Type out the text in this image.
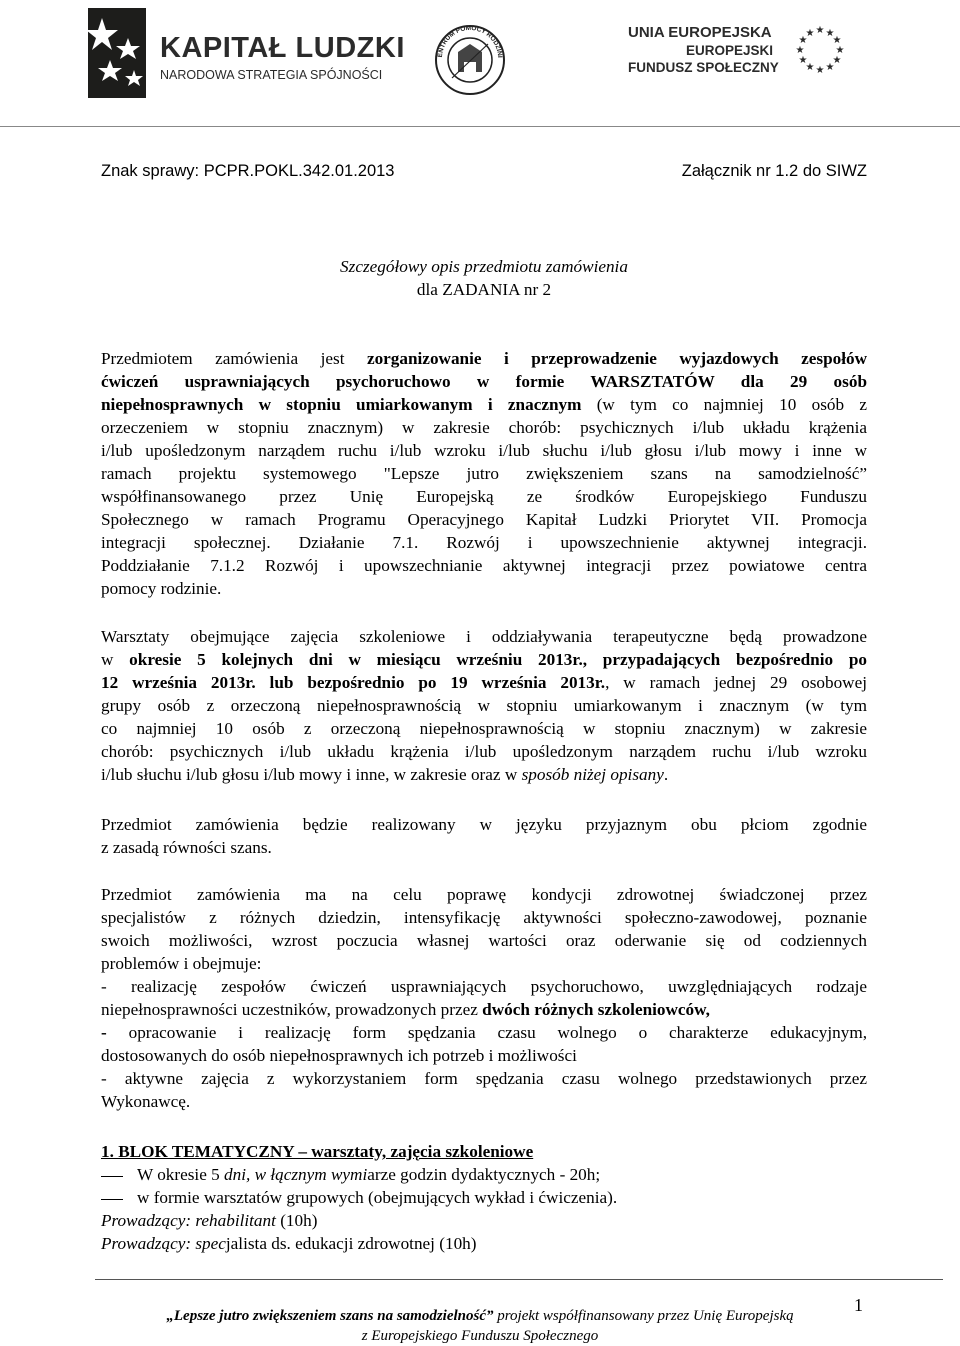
KAPITAŁ LUDZKI
NARODOWA STRATEGIA SPÓJNOŚCI
ENTRUM POMOCY RODZINI
UNIA EUROPEJSKA
EUROPEJSKI
FUNDUSZ SPOŁECZNY
★ ★
★
★
★
★
★
★
★
★
★
★
Znak sprawy: PCPR.POKL.342.01.2013	Załącznik nr 1.2 do SIWZ
Szczegółowy opis przedmiotu zamówienia
dla ZADANIA nr 2
Przedmiotem zamówienia jest zorganizowanie i przeprowadzenie wyjazdowych zespołów
ćwiczeń usprawniających psychoruchowo w formie WARSZTATÓW dla 29 osób
niepełnosprawnych w stopniu umiarkowanym i znacznym (w tym co najmniej 10 osób z
orzeczeniem w stopniu znacznym) w zakresie chorób: psychicznych i/lub układu krążenia
i/lub upośledzonym narządem ruchu i/lub wzroku i/lub słuchu i/lub głosu i/lub mowy i inne w
ramach projektu systemowego "Lepsze jutro zwiększeniem szans na samodzielność”
współfinansowanego przez Unię Europejską ze środków Europejskiego Funduszu
Społecznego w ramach Programu Operacyjnego Kapitał Ludzki Priorytet VII. Promocja
integracji społecznej. Działanie 7.1. Rozwój i upowszechnienie aktywnej integracji.
Poddziałanie 7.1.2 Rozwój i upowszechnianie aktywnej integracji przez powiatowe centra
pomocy rodzinie.
Warsztaty obejmujące zajęcia szkoleniowe i oddziaływania terapeutyczne będą prowadzone
w okresie 5 kolejnych dni w miesiącu wrześniu 2013r., przypadających bezpośrednio po
12 września 2013r. lub bezpośrednio po 19 września 2013r., w ramach jednej 29 osobowej
grupy osób z orzeczoną niepełnosprawnością w stopniu umiarkowanym i znacznym (w tym
co najmniej 10 osób z orzeczoną niepełnosprawnością w stopniu znacznym) w zakresie
chorób: psychicznych i/lub układu krążenia i/lub upośledzonym narządem ruchu i/lub wzroku
i/lub słuchu i/lub głosu i/lub mowy i inne, w zakresie oraz w sposób niżej opisany.
Przedmiot zamówienia będzie realizowany w języku przyjaznym obu płciom zgodnie
z zasadą równości szans.
Przedmiot zamówienia ma na celu poprawę kondycji zdrowotnej świadczonej przez
specjalistów z różnych dziedzin, intensyfikację aktywności społeczno-zawodowej, poznanie
swoich możliwości, wzrost poczucia własnej wartości oraz oderwanie się od codziennych
problemów i obejmuje:
- realizację zespołów ćwiczeń usprawniających psychoruchowo, uwzględniających rodzaje
niepełnosprawności uczestników, prowadzonych przez dwóch różnych szkoleniowców,
- opracowanie i realizację form spędzania czasu wolnego o charakterze edukacyjnym,
dostosowanych do osób niepełnosprawnych ich potrzeb i możliwości
- aktywne zajęcia z wykorzystaniem form spędzania czasu wolnego przedstawionych przez
Wykonawcę.
1. BLOK TEMATYCZNY – warsztaty, zajęcia szkoleniowe
W okresie 5 dni, w łącznym wymiarze godzin dydaktycznych - 20h;
w formie warsztatów grupowych (obejmujących wykład i ćwiczenia).
Prowadzący: rehabilitant (10h)
Prowadzący: specjalista ds. edukacji zdrowotnej (10h)
1
„Lepsze jutro zwiększeniem szans na samodzielność” projekt współfinansowany przez Unię Europejską
z Europejskiego Funduszu Społecznego
